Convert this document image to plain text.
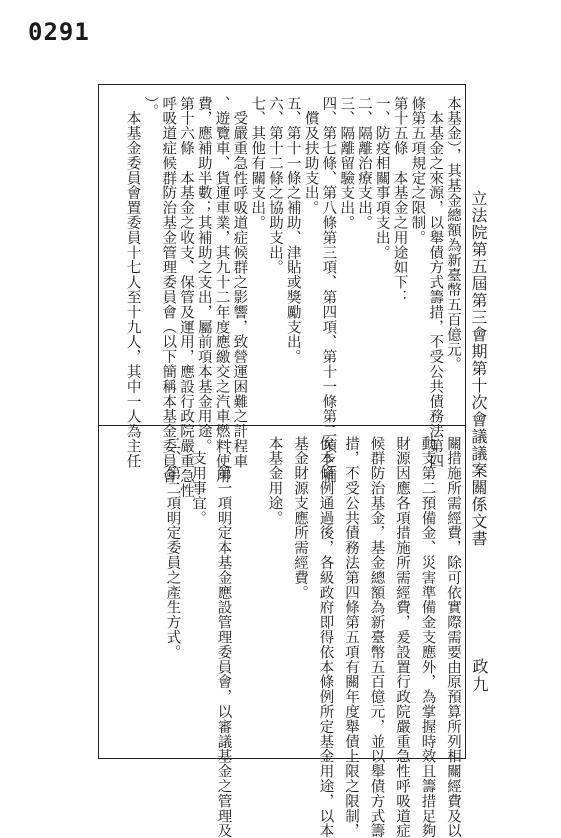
0291
立法院第五屆第三會期第十次會議議案關係文書
政九
本基金），其基金總額為新臺幣五百億元。
　本基金之來源，以舉債方式籌措，不受公共債務法第四
條第五項規定之限制。
第十五條　本基金之用途如下：
一、防疫相關事項支出。
二、隔離治療支出。
三、隔離留驗支出。
四、第七條、第八條第三項、第四項、第十一條第二項之補
　償及扶助支出。
五、第十一條之補助、津貼或獎勵支出。
六、第十二條之協助支出。
七、其他有關支出。
　受嚴重急性呼吸道症候群之影響，致營運困難之計程車
、遊覽車、貨運車業，其九十二年度應繳交之汽車燃料使用
費，應補助半數；其補助之支出，屬前項本基金用途。
第十六條　本基金之收支、保管及運用，應設行政院嚴重急性
呼吸道症候群防治基金管理委員會（以下簡稱本基金委員會
）。
　本基金委員會置委員十七人至十九人，其中一人為主任
關措施所需經費，除可依實際需要由原預算所列相關經費及以
動支第二預備金、災害準備金支應外，為掌握時效且籌措足夠
財源因應各項措施所需經費，爰設置行政院嚴重急性呼吸道症
候群防治基金，基金總額為新臺幣五百億元，並以舉債方式籌
措，不受公共債務法第四條第五項有關年度舉債上限之限制，
俟本條例通過後，各級政府即得依本條例所定基金用途，以本
基金財源支應所需經費。
本基金用途。
一、第一項明定本基金應設管理委員會，以審議基金之管理及
　支用事宜。
二、第二項明定委員之產生方式。
